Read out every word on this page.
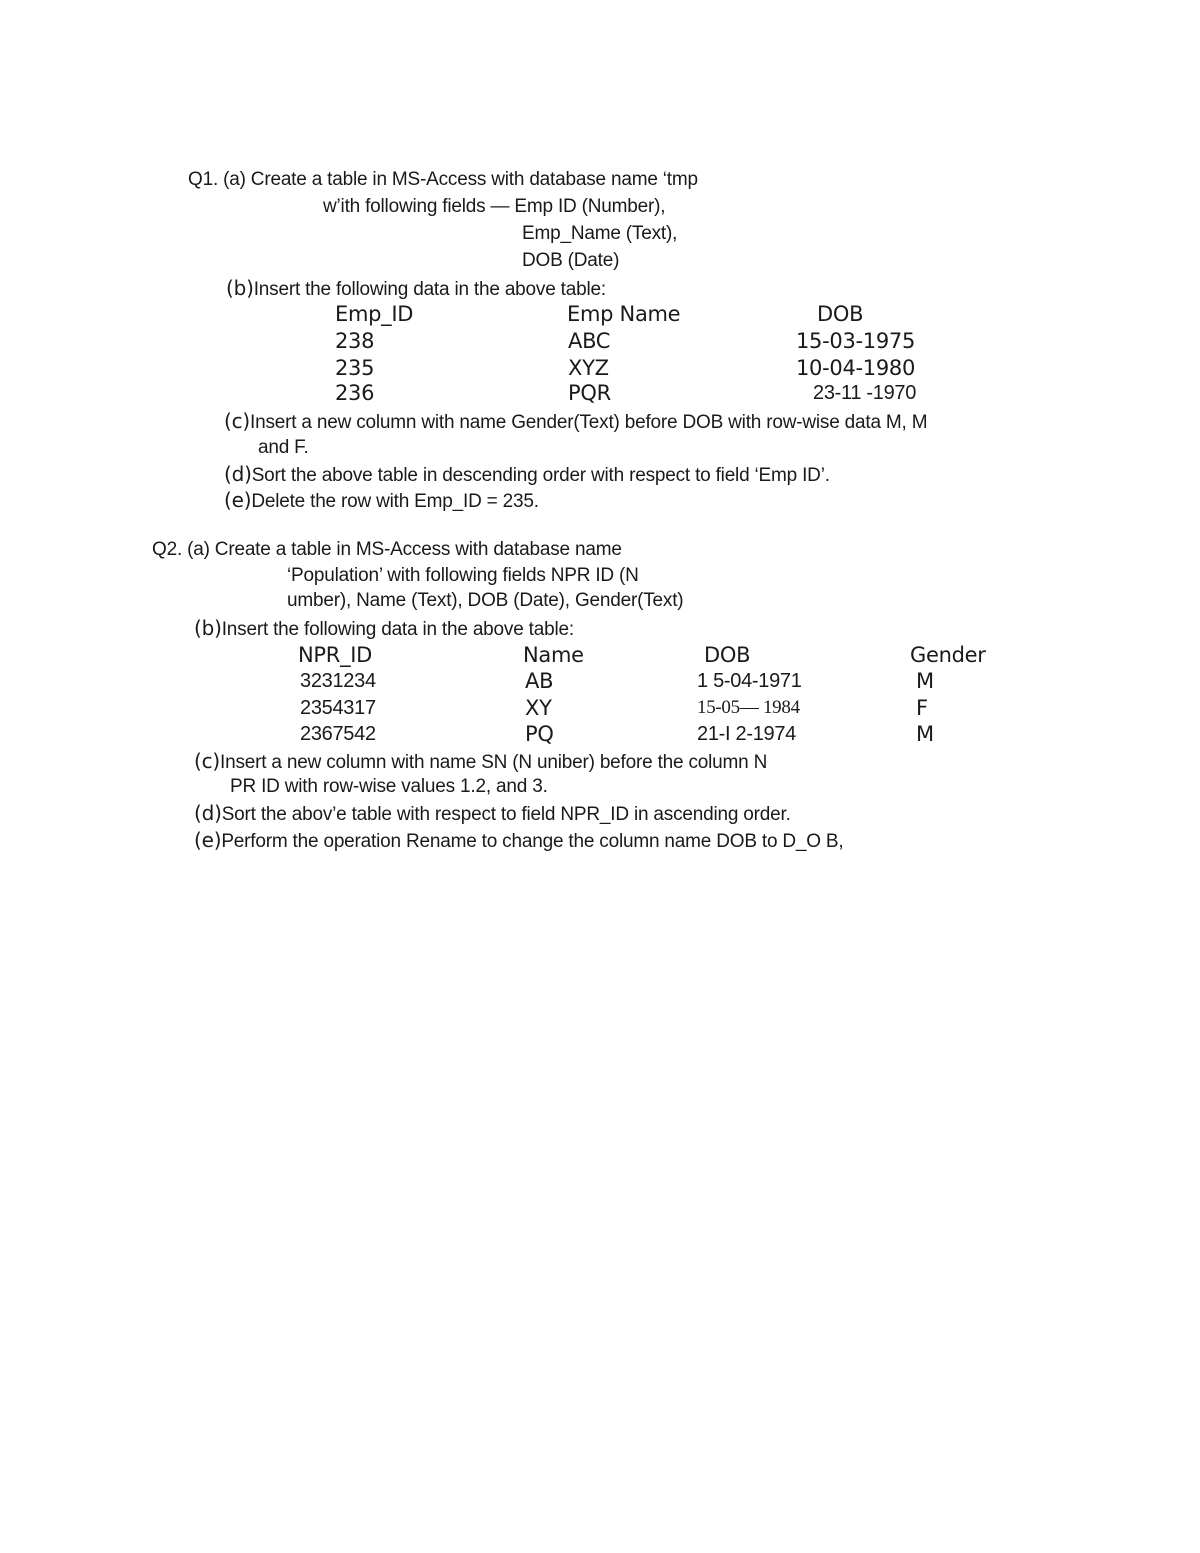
Q1. (a) Create a table in MS-Access with database name ‘tmp
w’ith following fields — Emp ID (Number),
Emp_Name (Text),
DOB (Date)
(b)Insert the following data in the above table:
Emp_ID	Emp Name	DOB
238	ABC	15-03-1975
235	XYZ	10-04-1980
236	PQR	23-11 -1970
(c)Insert a new column with name Gender(Text) before DOB with row-wise data M, M
and F.
(d)Sort the above table in descending order with respect to field ‘Emp ID’.
(e)Delete the row with Emp_ID = 235.
Q2. (a) Create a table in MS-Access with database name
‘Population’ with following fields NPR ID (N
umber), Name (Text), DOB (Date), Gender(Text)
(b)Insert the following data in the above table:
NPR_ID	Name	DOB	Gender
3231234	AB	1 5-04-1971	M
2354317	XY	15-05— 1984	F
2367542	PQ	21-I 2-1974	M
(c)Insert a new column with name SN (N uniber) before the column N
PR ID with row-wise values 1.2, and 3.
(d)Sort the abov’e table with respect to field NPR_ID in ascending order.
(e)Perform the operation Rename to change the column name DOB to D_O B,
